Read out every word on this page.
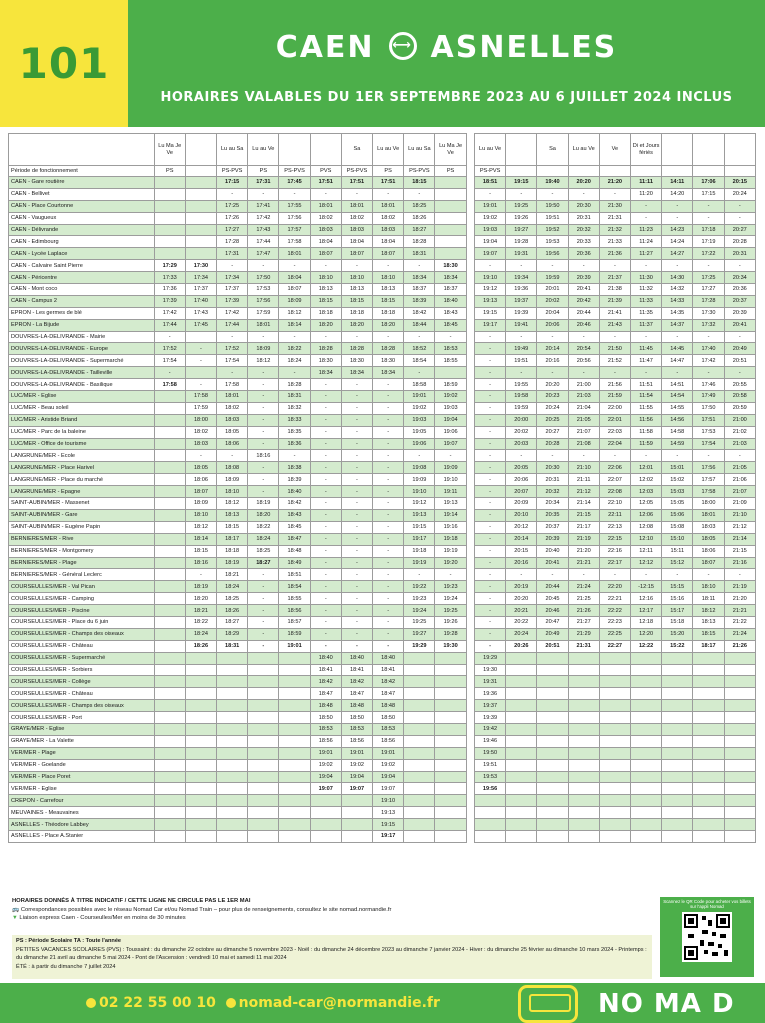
101	CAEN ⟷ ASNELLES
HORAIRES VALABLES DU 1ER SEPTEMBRE 2023 AU 6 JUILLET 2024 INCLUS
	Lu Ma Je Ve		Lu au Sa	Lu au Ve			Sa	Lu au Ve	Lu au Sa	Lu Ma Je Ve		Lu au Ve		Sa	Lu au Ve	Ve	Di et Jours fériés			
Période de fonctionnement	PS		PS-PVS	PS	PS-PVS	PVS	PS-PVS	PS	PS-PVS	PS		PS-PVS								
CAEN - Gare routière			17:15	17:31	17:45	17:51	17:51	17:51	18:15			18:51	19:15	19:40	20:20	21:20	11:11	14:11	17:06	20:15
CAEN - Bellivet			-	-	-	-	-	-	-			-	-	-	-	-	11:20	14:20	17:15	20:24
CAEN - Place Courtonne			17:25	17:41	17:55	18:01	18:01	18:01	18:25			19:01	19:25	19:50	20:30	21:30	-	-	-	-
CAEN - Vaugueux			17:26	17:42	17:56	18:02	18:02	18:02	18:26			19:02	19:26	19:51	20:31	21:31	-	-	-	-
CAEN - Délivrande			17:27	17:43	17:57	18:03	18:03	18:03	18:27			19:03	19:27	19:52	20:32	21:32	11:23	14:23	17:18	20:27
CAEN - Edimbourg			17:28	17:44	17:58	18:04	18:04	18:04	18:28			19:04	19:28	19:53	20:33	21:33	11:24	14:24	17:19	20:28
CAEN - Lycée Laplace			17:31	17:47	18:01	18:07	18:07	18:07	18:31			19:07	19:31	19:56	20:36	21:36	11:27	14:27	17:22	20:31
CAEN - Calvaire Saint Pierre	17:29	17:30	-	-	-	-	-	-	-	18:30		-	-	-	-	-	-	-	-	-
CAEN - Péricentre	17:33	17:34	17:34	17:50	18:04	18:10	18:10	18:10	18:34	18:34		19:10	19:34	19:59	20:39	21:37	11:30	14:30	17:25	20:34
CAEN - Mont coco	17:36	17:37	17:37	17:53	18:07	18:13	18:13	18:13	18:37	18:37		19:12	19:36	20:01	20:41	21:38	11:32	14:32	17:27	20:36
CAEN - Campus 2	17:39	17:40	17:39	17:56	18:09	18:15	18:15	18:15	18:39	18:40		19:13	19:37	20:02	20:42	21:39	11:33	14:33	17:28	20:37
EPRON - Les germes de blé	17:42	17:43	17:42	17:59	18:12	18:18	18:18	18:18	18:42	18:43		19:15	19:39	20:04	20:44	21:41	11:35	14:35	17:30	20:39
EPRON - La Bijude	17:44	17:45	17:44	18:01	18:14	18:20	18:20	18:20	18:44	18:45		19:17	19:41	20:06	20:46	21:43	11:37	14:37	17:32	20:41
DOUVRES-LA-DELIVRANDE - Mairie	-		-	-	-	-	-	-	-	-		-	-	-	-	-	-	-	-	-
DOUVRES-LA-DELIVRANDE - Europe	17:52	-	17:52	18:09	18:22	18:28	18:28	18:28	18:52	18:53		-	19:49	20:14	20:54	21:50	11:45	14:45	17:40	20:49
DOUVRES-LA-DELIVRANDE - Supermarché	17:54	-	17:54	18:12	18:24	18:30	18:30	18:30	18:54	18:55		-	19:51	20:16	20:56	21:52	11:47	14:47	17:42	20:51
DOUVRES-LA-DELIVRANDE - Tailleville	-		-	-	-	18:34	18:34	18:34	-			-	-	-	-	-	-	-	-	-
DOUVRES-LA-DELIVRANDE - Basilique	17:58	-	17:58	-	18:28	-	-	-	18:58	18:59		-	19:55	20:20	21:00	21:56	11:51	14:51	17:46	20:55
LUC/MER - Eglise		17:58	18:01	-	18:31	-	-	-	19:01	19:02		-	19:58	20:23	21:03	21:59	11:54	14:54	17:49	20:58
LUC/MER - Beau soleil		17:59	18:02	-	18:32	-	-	-	19:02	19:03		-	19:59	20:24	21:04	22:00	11:55	14:55	17:50	20:59
LUC/MER - Aristide Briand		18:00	18:03	-	18:33	-	-	-	19:03	19:04		-	20:00	20:25	21:05	22:01	11:56	14:56	17:51	21:00
LUC/MER - Parc de la baleine		18:02	18:05	-	18:35	-	-	-	19:05	19:06		-	20:02	20:27	21:07	22:03	11:58	14:58	17:53	21:02
LUC/MER - Office de tourisme		18:03	18:06	-	18:36	-	-	-	19:06	19:07		-	20:03	20:28	21:08	22:04	11:59	14:59	17:54	21:03
LANGRUNE/MER - Ecole		-	-	18:16	-	-	-	-	-	-		-	-	-	-	-	-	-	-	-
LANGRUNE/MER - Place Harivel		18:05	18:08	-	18:38	-	-	-	19:08	19:09		-	20:05	20:30	21:10	22:06	12:01	15:01	17:56	21:05
LANGRUNE/MER - Place du marché		18:06	18:09	-	18:39	-	-	-	19:09	19:10		-	20:06	20:31	21:11	22:07	12:02	15:02	17:57	21:06
LANGRUNE/MER - Epagne		18:07	18:10	-	18:40	-	-	-	19:10	19:11		-	20:07	20:32	21:12	22:08	12:03	15:03	17:58	21:07
SAINT-AUBIN/MER - Massenet		18:09	18:12	18:19	18:42	-	-	-	19:12	19:13		-	20:09	20:34	21:14	22:10	12:05	15:05	18:00	21:09
SAINT-AUBIN/MER - Gare		18:10	18:13	18:20	18:43	-	-	-	19:13	19:14		-	20:10	20:35	21:15	22:11	12:06	15:06	18:01	21:10
SAINT-AUBIN/MER - Eugène Papin		18:12	18:15	18:22	18:45	-	-	-	19:15	19:16		-	20:12	20:37	21:17	22:13	12:08	15:08	18:03	21:12
BERNIERES/MER - Rive		18:14	18:17	18:24	18:47	-	-	-	19:17	19:18		-	20:14	20:39	21:19	22:15	12:10	15:10	18:05	21:14
BERNIERES/MER - Montgomery		18:15	18:18	18:25	18:48	-	-	-	19:18	19:19		-	20:15	20:40	21:20	22:16	12:11	15:11	18:06	21:15
BERNIERES/MER - Plage		18:16	18:19	18:27	18:49	-	-	-	19:19	19:20		-	20:16	20:41	21:21	22:17	12:12	15:12	18:07	21:16
BERNIERES/MER - Général Leclerc		-	18:21	-	18:51	-	-	-	-	-		-	-	-	-	-	-	-	-	-
COURSEULLES/MER - Val Pican		18:19	18:24	-	18:54	-	-	-	19:22	19:23		-	20:19	20:44	21:24	22:20	-12:15	15:15	18:10	21:19
COURSEULLES/MER - Camping		18:20	18:25	-	18:55	-	-	-	19:23	19:24		-	20:20	20:45	21:25	22:21	12:16	15:16	18:11	21:20
COURSEULLES/MER - Piscine		18:21	18:26	-	18:56	-	-	-	19:24	19:25		-	20:21	20:46	21:26	22:22	12:17	15:17	18:12	21:21
COURSEULLES/MER - Place du 6 juin		18:22	18:27	-	18:57	-	-	-	19:25	19:26		-	20:22	20:47	21:27	22:23	12:18	15:18	18:13	21:22
COURSEULLES/MER - Champs des oiseaux		18:24	18:29	-	18:59	-	-	-	19:27	19:28		-	20:24	20:49	21:29	22:25	12:20	15:20	18:15	21:24
COURSEULLES/MER - Château		18:26	18:31	-	19:01	-	-	-	19:29	19:30		-	20:26	20:51	21:31	22:27	12:22	15:22	18:17	21:26
COURSEULLES/MER - Supermarché						18:40	18:40	18:40				19:29								
COURSEULLES/MER - Sorbiers						18:41	18:41	18:41				19:30								
COURSEULLES/MER - Collège						18:42	18:42	18:42				19:31								
COURSEULLES/MER - Château						18:47	18:47	18:47				19:36								
COURSEULLES/MER - Champs des oiseaux						18:48	18:48	18:48				19:37								
COURSEULLES/MER - Port						18:50	18:50	18:50				19:39								
GRAYE/MER - Eglise						18:53	18:53	18:53				19:42								
GRAYE/MER - La Valette						18:56	18:56	18:56				19:46								
VER/MER - Plage						19:01	19:01	19:01				19:50								
VER/MER - Goelande						19:02	19:02	19:02				19:51								
VER/MER - Place Poret						19:04	19:04	19:04				19:53								
VER/MER - Eglise						19:07	19:07	19:07				19:56								
CREPON - Carrefour								19:10												
MEUVAINES - Meauvaines								19:13												
ASNELLES - Théodore Labbey								19:15												
ASNELLES - Place A.Stanier								19:17												
HORAIRES DONNÉS À TITRE INDICATIF / CETTE LIGNE NE CIRCULE PAS LE 1ER MAI
🚌 Correspondances possibles avec le réseau Nomad Car et/ou Nomad Train – pour plus de renseignements, consultez le site nomad.normandie.fr
▼ Liaison express Caen - Courseulles/Mer en moins de 30 minutes
PS : Période Scolaire TA : Toute l'année
PETITES VACANCES SCOLAIRES (PVS) : Toussaint : du dimanche 22 octobre au dimanche 5 novembre 2023 - Noël : du dimanche 24 décembre 2023 au dimanche 7 janvier 2024 - Hiver : du dimanche 25 février au dimanche 10 mars 2024 - Printemps : du dimanche 21 avril au dimanche 5 mai 2024 - Pont de l'Ascension : vendredi 10 mai et samedi 11 mai 2024
ÉTÉ : à partir du dimanche 7 juillet 2024
Scannez le QR Code pour acheter vos billets sur l'appli Nomad
02 22 55 00 10 nomad-car@normandie.fr	NO MA D
